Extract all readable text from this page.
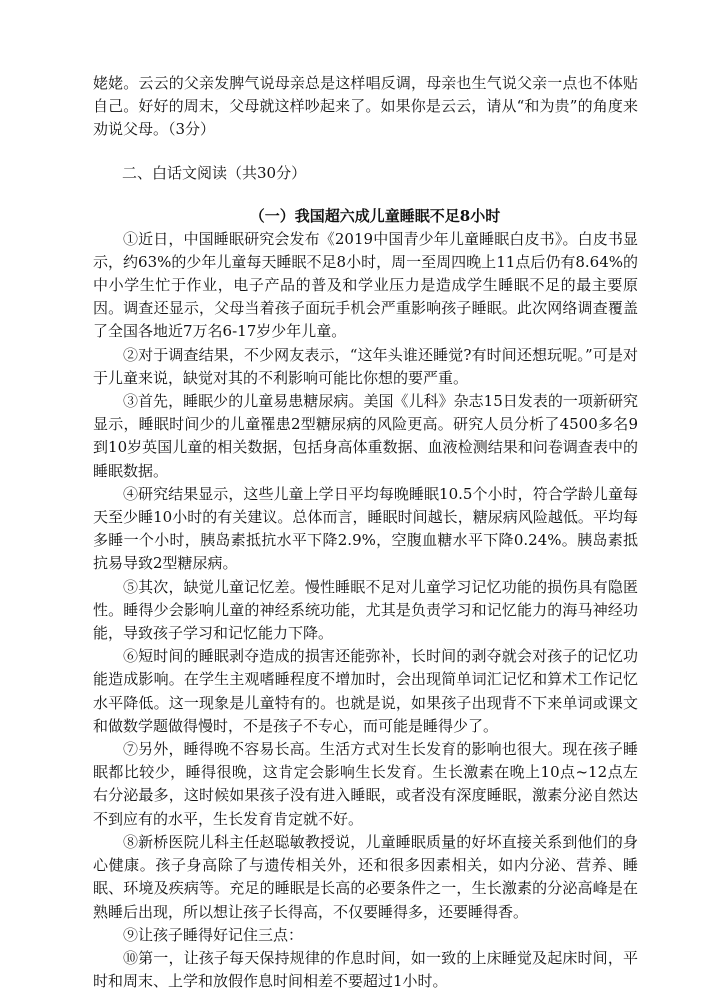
姥姥。云云的父亲发脾气说母亲总是这样唱反调，母亲也生气说父亲一点也不体贴自己。好好的周末，父母就这样吵起来了。如果你是云云，请从“和为贵”的角度来劝说父母。（3分）

二、白话文阅读（共30分）

（一）我国超六成儿童睡眠不足8小时

①近日，中国睡眠研究会发布《2019中国青少年儿童睡眠白皮书》。白皮书显示，约63%的少年儿童每天睡眠不足8小时，周一至周四晚上11点后仍有8.64%的中小学生忙于作业，电子产品的普及和学业压力是造成学生睡眠不足的最主要原因。调查还显示，父母当着孩子面玩手机会严重影响孩子睡眠。此次网络调查覆盖了全国各地近7万名6-17岁少年儿童。

②对于调查结果，不少网友表示，“这年头谁还睡觉?有时间还想玩呢。”可是对于儿童来说，缺觉对其的不利影响可能比你想的要严重。

③首先，睡眠少的儿童易患糖尿病。美国《儿科》杂志15日发表的一项新研究显示，睡眠时间少的儿童罹患2型糖尿病的风险更高。研究人员分析了4500多名9到10岁英国儿童的相关数据，包括身高体重数据、血液检测结果和问卷调查表中的睡眠数据。

④研究结果显示，这些儿童上学日平均每晚睡眠10.5个小时，符合学龄儿童每天至少睡10小时的有关建议。总体而言，睡眠时间越长，糖尿病风险越低。平均每多睡一个小时，胰岛素抵抗水平下降2.9%，空腹血糖水平下降0.24%。胰岛素抵抗易导致2型糖尿病。

⑤其次，缺觉儿童记忆差。慢性睡眠不足对儿童学习记忆功能的损伤具有隐匿性。睡得少会影响儿童的神经系统功能，尤其是负责学习和记忆能力的海马神经功能，导致孩子学习和记忆能力下降。

⑥短时间的睡眠剥夺造成的损害还能弥补，长时间的剥夺就会对孩子的记忆功能造成影响。在学生主观嗜睡程度不增加时，会出现简单词汇记忆和算术工作记忆水平降低。这一现象是儿童特有的。也就是说，如果孩子出现背不下来单词或课文和做数学题做得慢时，不是孩子不专心，而可能是睡得少了。

⑦另外，睡得晚不容易长高。生活方式对生长发育的影响也很大。现在孩子睡眠都比较少，睡得很晚，这肯定会影响生长发育。生长激素在晚上10点~12点左右分泌最多，这时候如果孩子没有进入睡眠，或者没有深度睡眠，激素分泌自然达不到应有的水平，生长发育肯定就不好。

⑧新桥医院儿科主任赵聪敏教授说，儿童睡眠质量的好坏直接关系到他们的身心健康。孩子身高除了与遗传相关外，还和很多因素相关，如内分泌、营养、睡眠、环境及疾病等。充足的睡眠是长高的必要条件之一，生长激素的分泌高峰是在熟睡后出现，所以想让孩子长得高，不仅要睡得多，还要睡得香。

⑨让孩子睡得好记住三点：

⑩第一，让孩子每天保持规律的作息时间，如一致的上床睡觉及起床时间，平时和周末、上学和放假作息时间相差不要超过1小时。
